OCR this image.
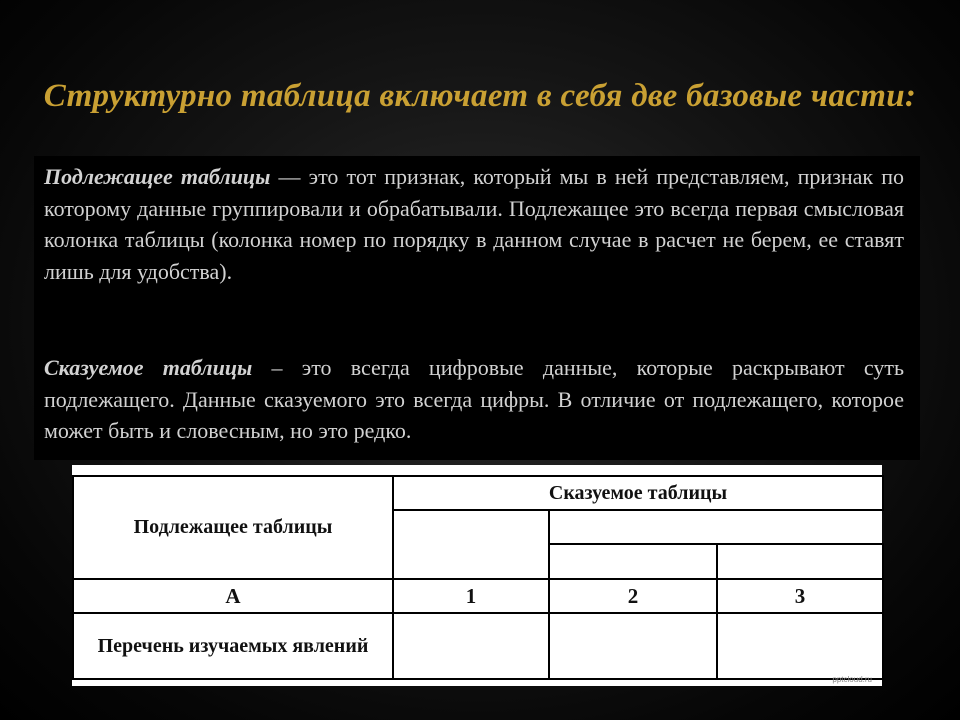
Структурно таблица включает в себя две базовые части:

Подлежащее таблицы — это тот признак, который мы в ней представляем, признак по которому данные группировали и обрабатывали. Подлежащее это всегда первая смысловая колонка таблицы (колонка номер по порядку в данном случае в расчет не берем, ее ставят лишь для удобства).

Сказуемое таблицы – это всегда цифровые данные, которые раскрывают суть подлежащего. Данные сказуемого это всегда цифры. В отличие от подлежащего, которое может быть и словесным, но это редко.

Подлежащее таблицы	Сказуемое таблицы		

А	1	2	3
Перечень изучаемых явлений			
pptcloud.ru
